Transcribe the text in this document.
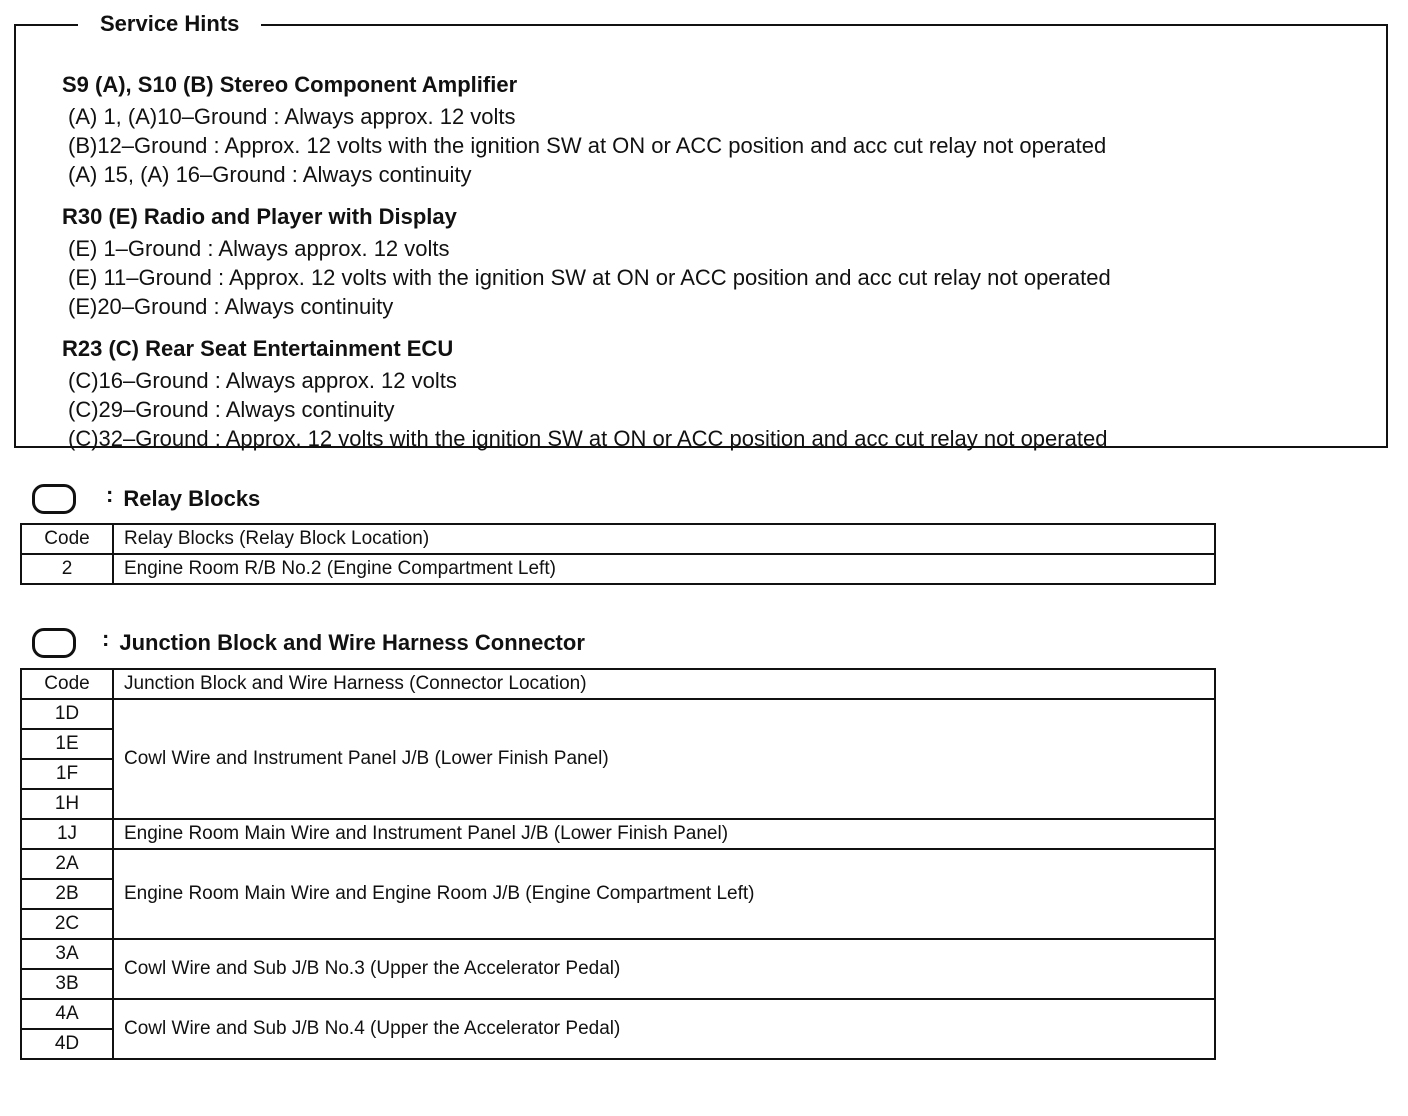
S9 (A), S10 (B) Stereo Component Amplifier
(A) 1, (A)10–Ground : Always approx. 12 volts
(B)12–Ground : Approx. 12 volts with the ignition SW at ON or ACC position and acc cut relay not operated
(A) 15, (A) 16–Ground : Always continuity
R30 (E) Radio and Player with Display
(E) 1–Ground : Always approx. 12 volts
(E) 11–Ground : Approx. 12 volts with the ignition SW at ON or ACC position and acc cut relay not operated
(E)20–Ground : Always continuity
R23 (C) Rear Seat Entertainment ECU
(C)16–Ground : Always approx. 12 volts
(C)29–Ground : Always continuity
(C)32–Ground : Approx. 12 volts with the ignition SW at ON or ACC position and acc cut relay not operated
Service Hints
: Relay Blocks
Code	Relay Blocks (Relay Block Location)
2	Engine Room R/B No.2 (Engine Compartment Left)
: Junction Block and Wire Harness Connector
Code	Junction Block and Wire Harness (Connector Location)
1D	Cowl Wire and Instrument Panel J/B (Lower Finish Panel)
1E	
1F	
1H	
1J	Engine Room Main Wire and Instrument Panel J/B (Lower Finish Panel)
2A	Engine Room Main Wire and Engine Room J/B (Engine Compartment Left)
2B	
2C	
3A	Cowl Wire and Sub J/B No.3 (Upper the Accelerator Pedal)
3B	
4A	Cowl Wire and Sub J/B No.4 (Upper the Accelerator Pedal)
4D	
